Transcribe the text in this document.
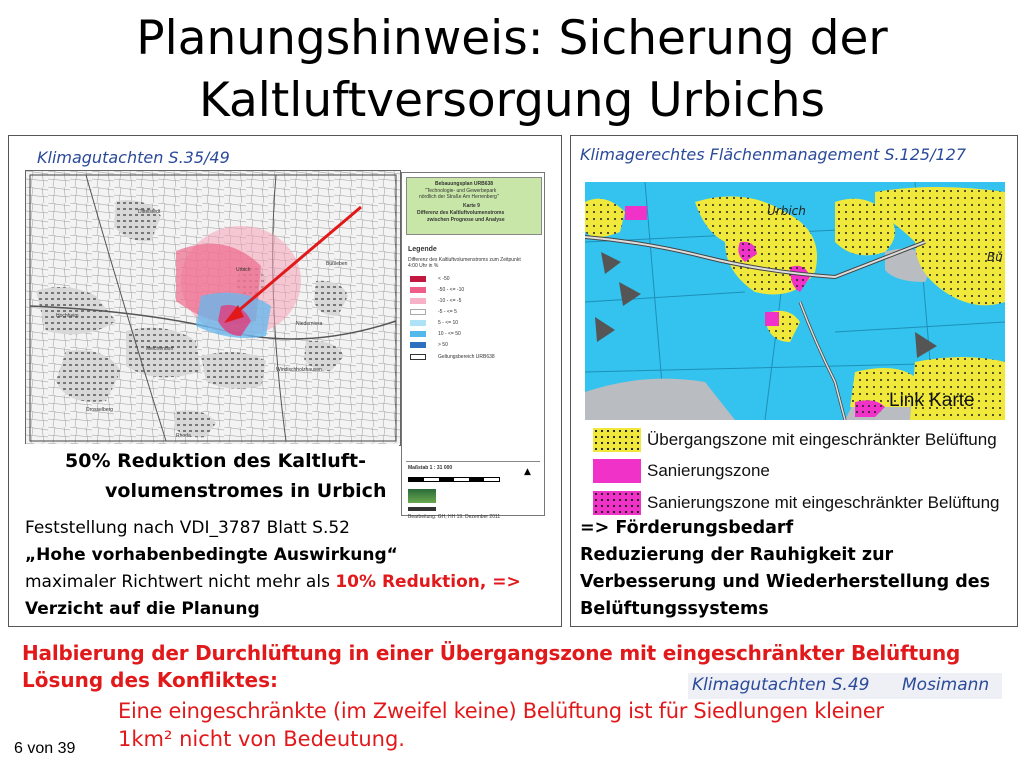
Planungshinweis: Sicherung der
Kaltluftversorgung Urbichs
Klimagutachten S.35/49
Dittelstedt
Urbich
Niedernissa
Windischholzhausen
Drosselberg
Rhoda
Melchendorf
Hochheim
Büßleben
Bebauungsplan URB638
"Technologie- und Gewerbepark
nördlich der Straße Am Herrenberg"
Karte 9
Differenz des Kaltluftvolumenstroms
zwischen Prognose und Analyse
Legende
Differenz des Kaltluftvolumenstroms zum Zeitpunkt 4:00 Uhr in %
< -50
-50 - <= -10
-10 - <= -5
-5 - <= 5
5 - <= 10
10 - <= 50
> 50
Geltungsbereich URB638
Maßstab 1 : 31 000	▲
Bearbeitung: GH, HH 19. Dezember 2011
50% Reduktion des Kaltluft-
volumenstromes in Urbich
Feststellung nach VDI_3787 Blatt S.52
„Hohe vorhabenbedingte Auswirkung“
maximaler Richtwert nicht mehr als 10% Reduktion, =>
Verzicht auf die Planung
Klimagerechtes Flächenmanagement S.125/127
Urbich
Bü
Link Karte
Übergangszone mit eingeschränkter Belüftung
Sanierungszone
Sanierungszone mit eingeschränkter Belüftung
=> Förderungsbedarf
Reduzierung der Rauhigkeit zur
Verbesserung und Wiederherstellung des
Belüftungssystems
Halbierung der Durchlüftung in einer Übergangszone mit eingeschränkter Belüftung
Lösung des Konfliktes:	Klimagutachten S.49 Mosimann
Eine eingeschränkte (im Zweifel keine) Belüftung ist für Siedlungen kleiner
1km² nicht von Bedeutung.
6 von 39
